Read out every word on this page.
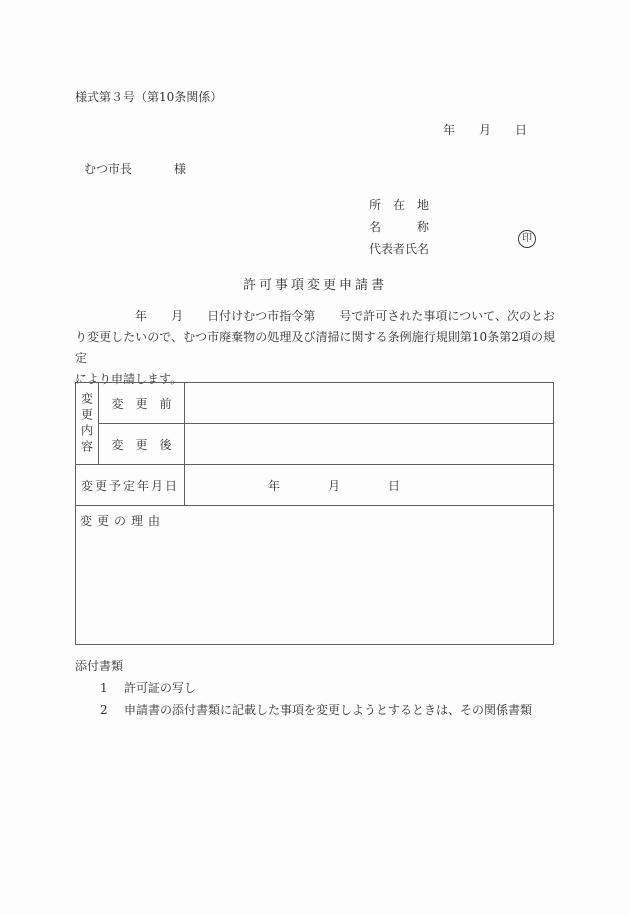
様式第３号（第10条関係）
年　　月　　日
むつ市長	様
所　在　地
名　　　称
代表者氏名
印
許可事項変更申請書
　　　　　年　　月　　日付けむつ市指令第　　号で許可された事項について、次のとお
り変更したいので、むつ市廃棄物の処理及び清掃に関する条例施行規則第10条第2項の規定
により申請します。
変更内容	変　更　前
変　更　後
変更予定年月日	年　　　　月　　　　日
変更の理由
添付書類
1	許可証の写し
2	申請書の添付書類に記載した事項を変更しようとするときは、その関係書類
